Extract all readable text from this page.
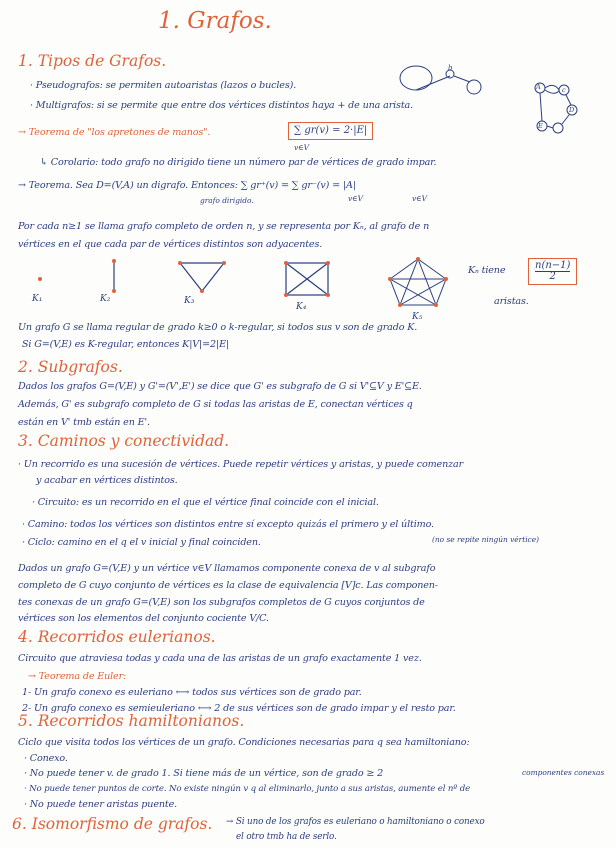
1. Grafos.
1. Tipos de Grafos.
· Pseudografos: se permiten autoaristas (lazos o bucles).
· Multigrafos: si se permite que entre dos vértices distintos haya + de una arista.
b
A	c
D
E
→ Teorema de "los apretones de manos".	∑ gr(v) = 2·|E|
v∈V
↳ Corolario: todo grafo no dirigido tiene un número par de vértices de grado impar.
→ Teorema. Sea D=(V,A) un digrafo. Entonces: ∑ gr⁺(v) = ∑ gr⁻(v) = |A|
grafo dirigido.	v∈V	v∈V
Por cada n≥1 se llama grafo completo de orden n, y se representa por Kₙ, al grafo de n
vértices en el que cada par de vértices distintos son adyacentes.
K₁	K₂	K₃
K₄
K₅
Kₙ tiene $\frac{n(n-1)}{2}$
aristas.
Un grafo G se llama regular de grado k≥0 o k-regular, si todos sus v son de grado K.
Si G=(V,E) es K-regular, entonces K|V|=2|E|
2. Subgrafos.
Dados los grafos G=(V,E) y G'=(V',E') se dice que G' es subgrafo de G si V'⊆V y E'⊆E.
Además, G' es subgrafo completo de G si todas las aristas de E, conectan vértices q
están en V' tmb están en E'.
3. Caminos y conectividad.
· Un recorrido es una sucesión de vértices. Puede repetir vértices y aristas, y puede comenzar
y acabar en vértices distintos.
· Circuito: es un recorrido en el que el vértice final coincide con el inicial.
· Camino: todos los vértices son distintos entre sí excepto quizás el primero y el último.
· Ciclo: camino en el q el v inicial y final coinciden.	(no se repite ningún vértice)
Dados un grafo G=(V,E) y un vértice v∈V llamamos componente conexa de v al subgrafo
completo de G cuyo conjunto de vértices es la clase de equivalencia [V]c. Las componen-
tes conexas de un grafo G=(V,E) son los subgrafos completos de G cuyos conjuntos de
vértices son los elementos del conjunto cociente V/C.
4. Recorridos eulerianos.
Circuito que atraviesa todas y cada una de las aristas de un grafo exactamente 1 vez.
→ Teorema de Euler:
1- Un grafo conexo es euleriano ⟷ todos sus vértices son de grado par.
2- Un grafo conexo es semieuleriano ⟷ 2 de sus vértices son de grado impar y el resto par.
5. Recorridos hamiltonianos.
Ciclo que visita todos los vértices de un grafo. Condiciones necesarias para q sea hamiltoniano:
· Conexo.
· No puede tener v. de grado 1. Si tiene más de un vértice, son de grado ≥ 2	componentes conexas
· No puede tener puntos de corte. No existe ningún v q al eliminarlo, junto a sus aristas, aumente el nº de
· No puede tener aristas puente.
6. Isomorfismo de grafos. → Si uno de los grafos es euleriano o hamiltoniano o conexo
el otro tmb ha de serlo.
